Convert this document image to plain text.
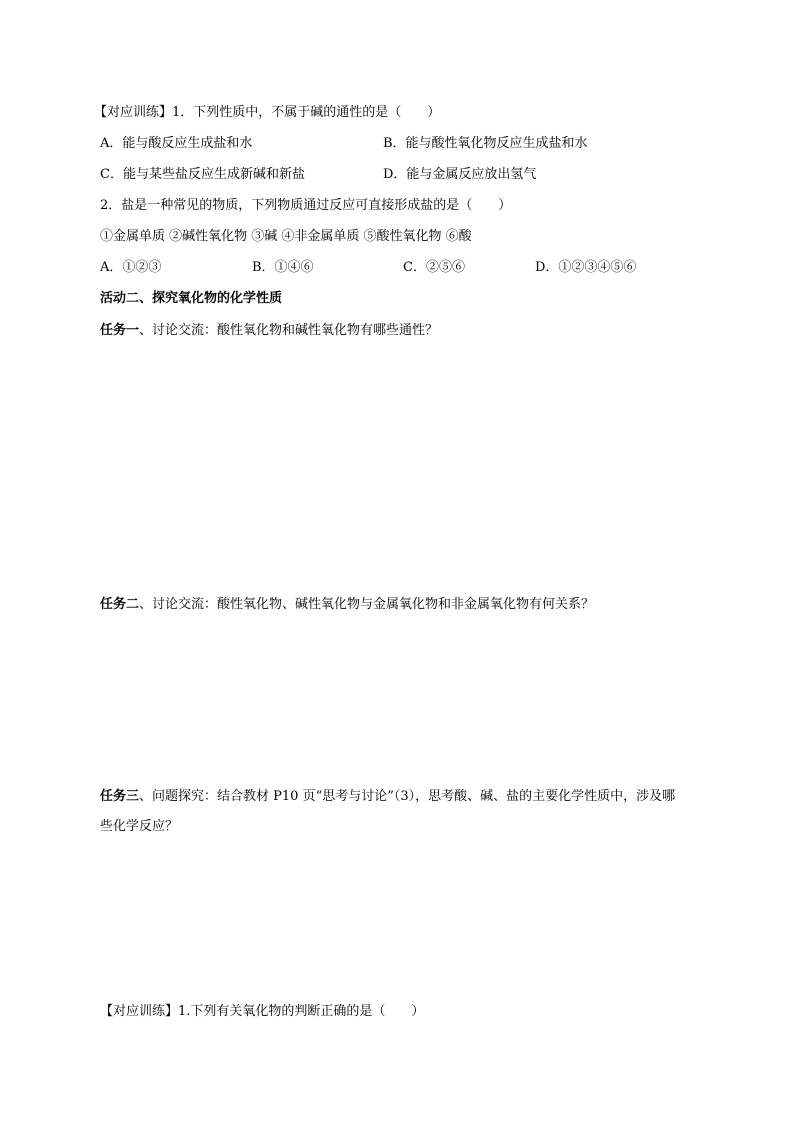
【对应训练】1．下列性质中，不属于碱的通性的是（　　）
A．能与酸反应生成盐和水	B．能与酸性氧化物反应生成盐和水
C．能与某些盐反应生成新碱和新盐	D．能与金属反应放出氢气
2．盐是一种常见的物质，下列物质通过反应可直接形成盐的是（　　）
①金属单质 ②碱性氧化物 ③碱 ④非金属单质 ⑤酸性氧化物 ⑥酸
A．①②③	B．①④⑥	C．②⑤⑥	D．①②③④⑤⑥
活动二、探究氧化物的化学性质
任务一、讨论交流：酸性氧化物和碱性氧化物有哪些通性？
任务二、讨论交流：酸性氧化物、碱性氧化物与金属氧化物和非金属氧化物有何关系？
任务三、问题探究：结合教材 P10 页“思考与讨论”（3），思考酸、碱、盐的主要化学性质中，涉及哪
些化学反应？
【对应训练】1.下列有关氧化物的判断正确的是（　　）
